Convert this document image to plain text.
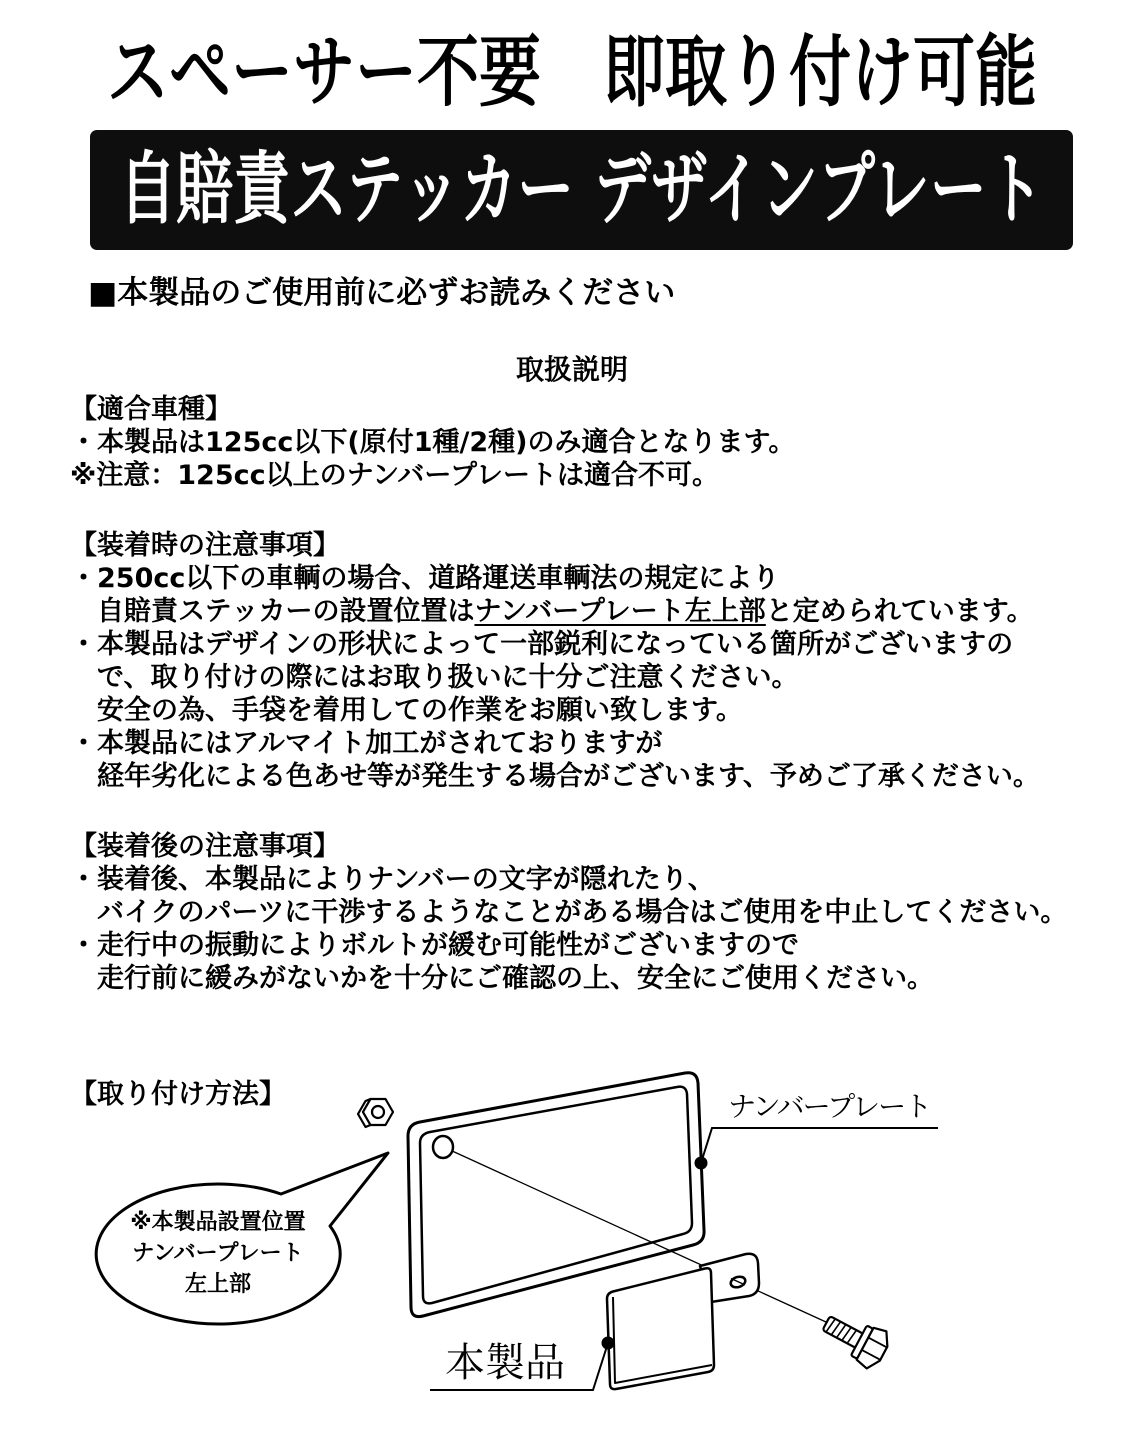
スペーサー不要　即取り付け可能
自賠責ステッカー デザインプレート
■本製品のご使用前に必ずお読みください
取扱説明
【適合車種】
・本製品は125cc以下(原付1種/2種)のみ適合となります。
※注意：125cc以上のナンバープレートは適合不可。
【装着時の注意事項】
・250cc以下の車輌の場合、道路運送車輌法の規定により
自賠責ステッカーの設置位置はナンバープレート左上部と定められています。
・本製品はデザインの形状によって一部鋭利になっている箇所がございますの
で、取り付けの際にはお取り扱いに十分ご注意ください。
安全の為、手袋を着用しての作業をお願い致します。
・本製品にはアルマイト加工がされておりますが
経年劣化による色あせ等が発生する場合がございます、予めご了承ください。
【装着後の注意事項】
・装着後、本製品によりナンバーの文字が隠れたり、
バイクのパーツに干渉するようなことがある場合はご使用を中止してください。
・走行中の振動によりボルトが緩む可能性がございますので
走行前に緩みがないかを十分にご確認の上、安全にご使用ください。
【取り付け方法】	ナンバープレート
本製品
※本製品設置位置
ナンバープレート
左上部
